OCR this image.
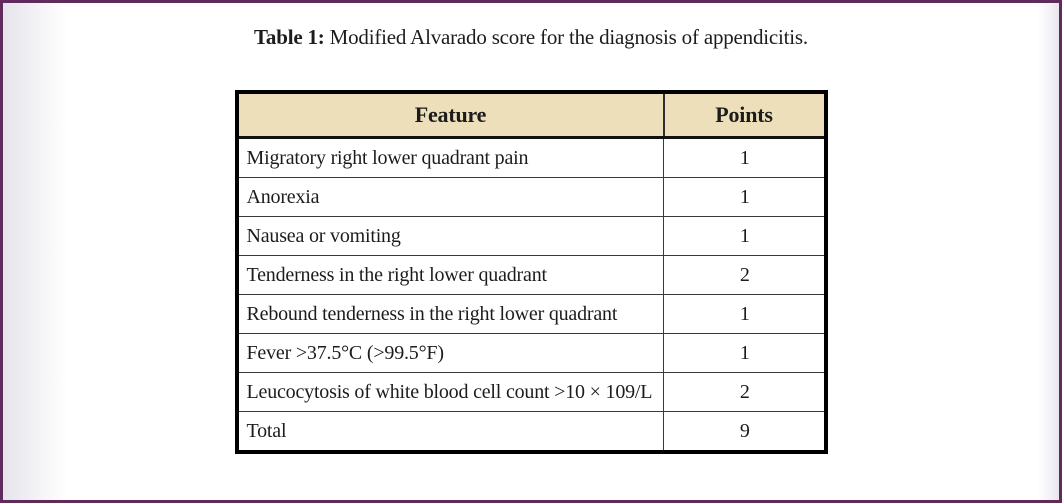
Table 1: Modified Alvarado score for the diagnosis of appendicitis.
Feature	Points
Migratory right lower quadrant pain	1
Anorexia	1
Nausea or vomiting	1
Tenderness in the right lower quadrant	2
Rebound tenderness in the right lower quadrant	1
Fever >37.5°C (>99.5°F)	1
Leucocytosis of white blood cell count >10 × 109/L	2
Total	9
